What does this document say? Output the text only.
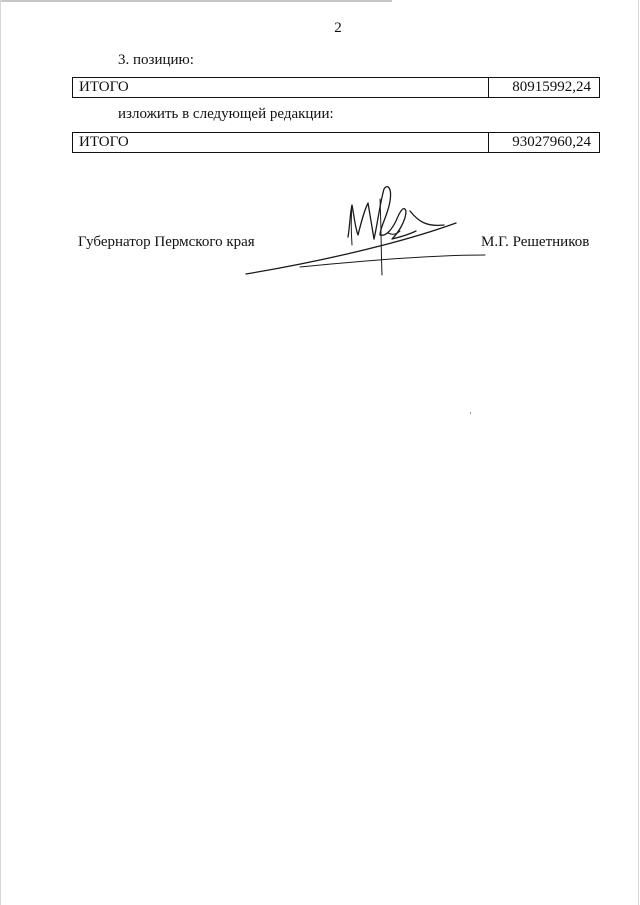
2
3. позицию:
ИТОГО	80915992,24
изложить в следующей редакции:
ИТОГО	93027960,24
Губернатор Пермского края	М.Г. Решетников
